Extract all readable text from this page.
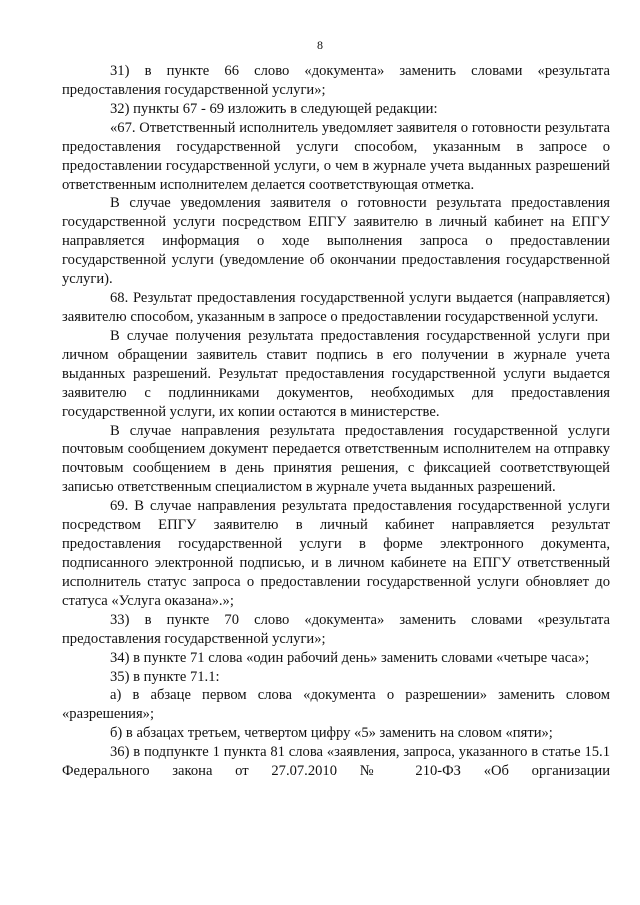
8

31) в пункте 66 слово «документа» заменить словами «результата предоставления государственной услуги»;

32) пункты 67 - 69 изложить в следующей редакции:

«67. Ответственный исполнитель уведомляет заявителя о готовности результата предоставления государственной услуги способом, указанным в запросе о предоставлении государственной услуги, о чем в журнале учета выданных разрешений ответственным исполнителем делается соответствующая отметка.

В случае уведомления заявителя о готовности результата предоставления государственной услуги посредством ЕПГУ заявителю в личный кабинет на ЕПГУ направляется информация о ходе выполнения запроса о предоставлении государственной услуги (уведомление об окончании предоставления государственной услуги).

68. Результат предоставления государственной услуги выдается (направляется) заявителю способом, указанным в запросе о предоставлении государственной услуги.

В случае получения результата предоставления государственной услуги при личном обращении заявитель ставит подпись в его получении в журнале учета выданных разрешений. Результат предоставления государственной услуги выдается заявителю с подлинниками документов, необходимых для предоставления государственной услуги, их копии остаются в министерстве.

В случае направления результата предоставления государственной услуги почтовым сообщением документ передается ответственным исполнителем на отправку почтовым сообщением в день принятия решения, с фиксацией соответствующей записью ответственным специалистом в журнале учета выданных разрешений.

69. В случае направления результата предоставления государственной услуги посредством ЕПГУ заявителю в личный кабинет направляется результат предоставления государственной услуги в форме электронного документа, подписанного электронной подписью, и в личном кабинете на ЕПГУ ответственный исполнитель статус запроса о предоставлении государственной услуги обновляет до статуса «Услуга оказана».»;

33) в пункте 70 слово «документа» заменить словами «результата предоставления государственной услуги»;

34) в пункте 71 слова «один рабочий день» заменить словами «четыре часа»;

35) в пункте 71.1:

а) в абзаце первом слова «документа о разрешении» заменить словом «разрешения»;

б) в абзацах третьем, четвертом цифру «5» заменить на словом «пяти»;

36) в подпункте 1 пункта 81 слова «заявления, запроса, указанного в статье 15.1 Федерального закона от 27.07.2010 № 210-ФЗ «Об организации
